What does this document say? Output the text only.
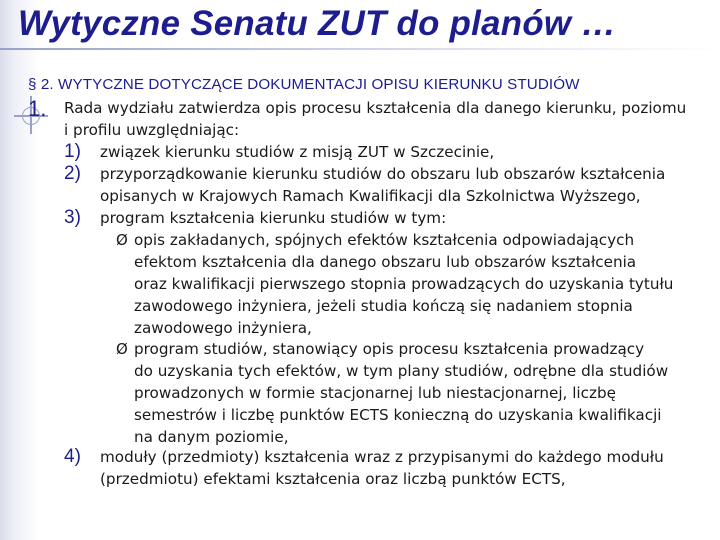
Wytyczne Senatu ZUT do planów …
§ 2. WYTYCZNE DOTYCZĄCE DOKUMENTACJI OPISU KIERUNKU STUDIÓW
1. Rada wydziału zatwierdza opis procesu kształcenia dla danego kierunku, poziomu
i profilu uwzględniając:
1)	związek kierunku studiów z misją ZUT w Szczecinie,
2)	przyporządkowanie kierunku studiów do obszaru lub obszarów kształcenia
opisanych w Krajowych Ramach Kwalifikacji dla Szkolnictwa Wyższego,
3)	program kształcenia kierunku studiów w tym:
Ø opis zakładanych, spójnych efektów kształcenia odpowiadających
efektom kształcenia dla danego obszaru lub obszarów kształcenia
oraz kwalifikacji pierwszego stopnia prowadzących do uzyskania tytułu
zawodowego inżyniera, jeżeli studia kończą się nadaniem stopnia
zawodowego inżyniera,
Ø program studiów, stanowiący opis procesu kształcenia prowadzący
do uzyskania tych efektów, w tym plany studiów, odrębne dla studiów
prowadzonych w formie stacjonarnej lub niestacjonarnej, liczbę
semestrów i liczbę punktów ECTS konieczną do uzyskania kwalifikacji
na danym poziomie,
4)	moduły (przedmioty) kształcenia wraz z przypisanymi do każdego modułu
(przedmiotu) efektami kształcenia oraz liczbą punktów ECTS,
